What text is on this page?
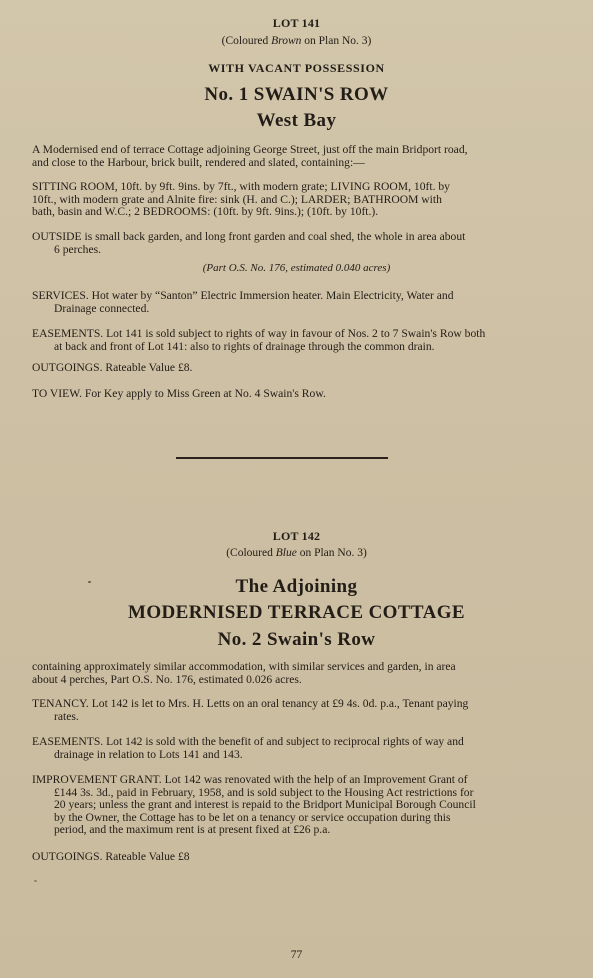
LOT 141
(Coloured Brown on Plan No. 3)
WITH VACANT POSSESSION
No. 1 SWAIN'S ROW
West Bay
A Modernised end of terrace Cottage adjoining George Street, just off the main Bridport road,
and close to the Harbour, brick built, rendered and slated, containing:—
SITTING ROOM, 10ft. by 9ft. 9ins. by 7ft., with modern grate; LIVING ROOM, 10ft. by
10ft., with modern grate and Alnite fire: sink (H. and C.); LARDER; BATHROOM with
bath, basin and W.C.; 2 BEDROOMS: (10ft. by 9ft. 9ins.); (10ft. by 10ft.).
OUTSIDE is small back garden, and long front garden and coal shed, the whole in area about
6 perches.
(Part O.S. No. 176, estimated 0.040 acres)
SERVICES. Hot water by “Santon” Electric Immersion heater. Main Electricity, Water and
Drainage connected.
EASEMENTS. Lot 141 is sold subject to rights of way in favour of Nos. 2 to 7 Swain's Row both
at back and front of Lot 141: also to rights of drainage through the common drain.
OUTGOINGS. Rateable Value £8.
TO VIEW. For Key apply to Miss Green at No. 4 Swain's Row.
LOT 142
(Coloured Blue on Plan No. 3)
The Adjoining
MODERNISED TERRACE COTTAGE
No. 2 Swain's Row
containing approximately similar accommodation, with similar services and garden, in area
about 4 perches, Part O.S. No. 176, estimated 0.026 acres.
TENANCY. Lot 142 is let to Mrs. H. Letts on an oral tenancy at £9 4s. 0d. p.a., Tenant paying
rates.
EASEMENTS. Lot 142 is sold with the benefit of and subject to reciprocal rights of way and
drainage in relation to Lots 141 and 143.
IMPROVEMENT GRANT. Lot 142 was renovated with the help of an Improvement Grant of
£144 3s. 3d., paid in February, 1958, and is sold subject to the Housing Act restrictions for
20 years; unless the grant and interest is repaid to the Bridport Municipal Borough Council
by the Owner, the Cottage has to be let on a tenancy or service occupation during this
period, and the maximum rent is at present fixed at £26 p.a.
OUTGOINGS. Rateable Value £8
77
